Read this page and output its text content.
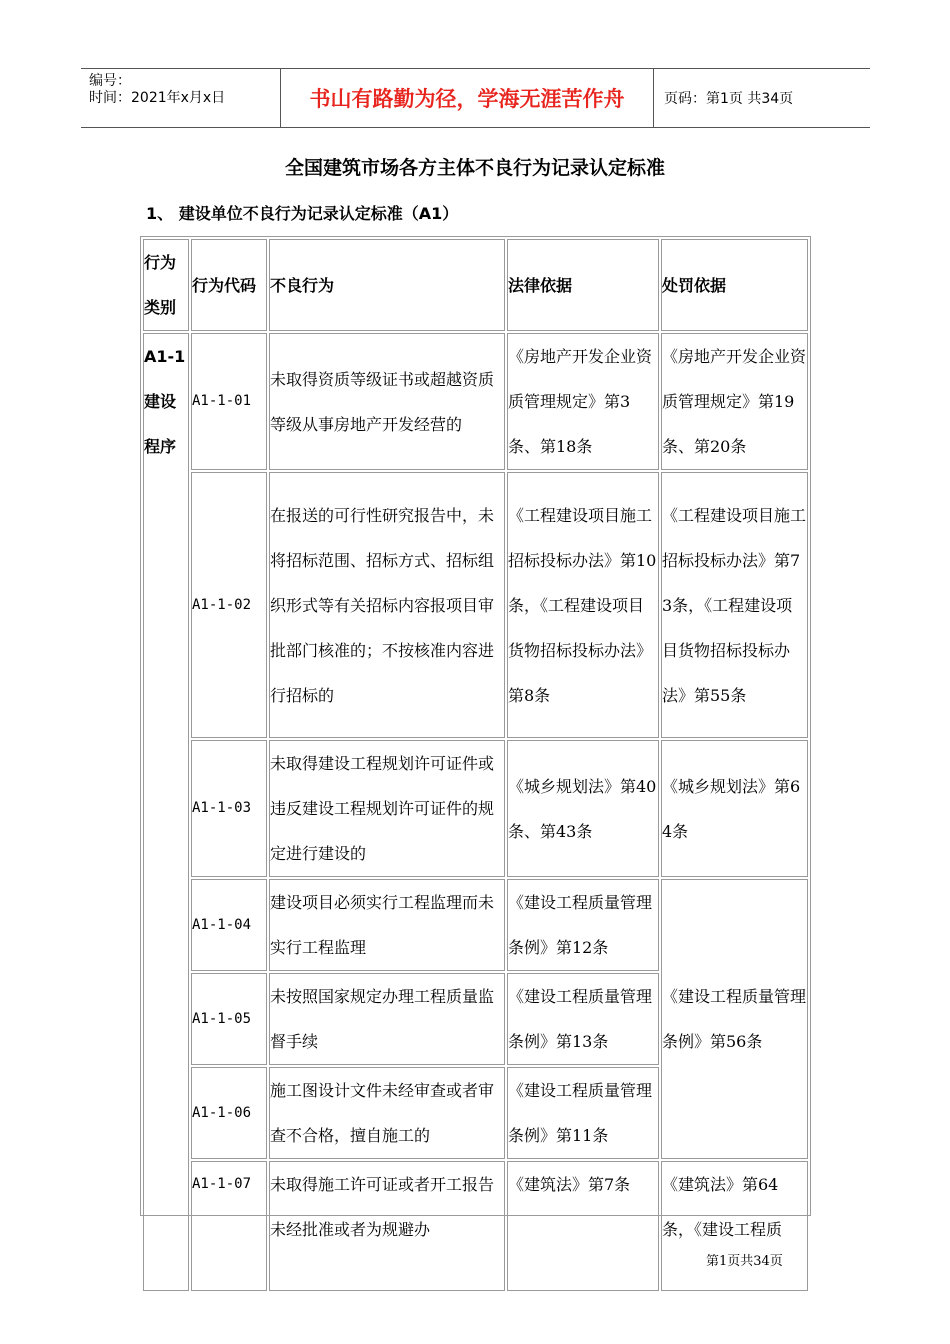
编号：
时间：2021年x月x日	书山有路勤为径，学海无涯苦作舟	页码：第1页 共34页
全国建筑市场各方主体不良行为记录认定标准
1、 建设单位不良行为记录认定标准（A1）
行为类别	行为代码	不良行为	法律依据	处罚依据
A1-1建设程序	A1-1-01	未取得资质等级证书或超越资质等级从事房地产开发经营的	《房地产开发企业资质管理规定》第3条、第18条	《房地产开发企业资质管理规定》第19条、第20条
	A1-1-02	在报送的可行性研究报告中，未将招标范围、招标方式、招标组织形式等有关招标内容报项目审批部门核准的；不按核准内容进行招标的	《工程建设项目施工招标投标办法》第10条，《工程建设项目货物招标投标办法》第8条	《工程建设项目施工招标投标办法》第73条，《工程建设项目货物招标投标办法》第55条
	A1-1-03	未取得建设工程规划许可证件或违反建设工程规划许可证件的规定进行建设的	《城乡规划法》第40条、第43条	《城乡规划法》第64条
	A1-1-04	建设项目必须实行工程监理而未实行工程监理	《建设工程质量管理条例》第12条	《建设工程质量管理条例》第56条
	A1-1-05	未按照国家规定办理工程质量监督手续	《建设工程质量管理条例》第13条	
	A1-1-06	施工图设计文件未经审查或者审查不合格，擅自施工的	《建设工程质量管理条例》第11条	
	A1-1-07	未取得施工许可证或者开工报告未经批准或者为规避办	《建筑法》第7条	《建筑法》第64条，《建设工程质
第1页共34页
